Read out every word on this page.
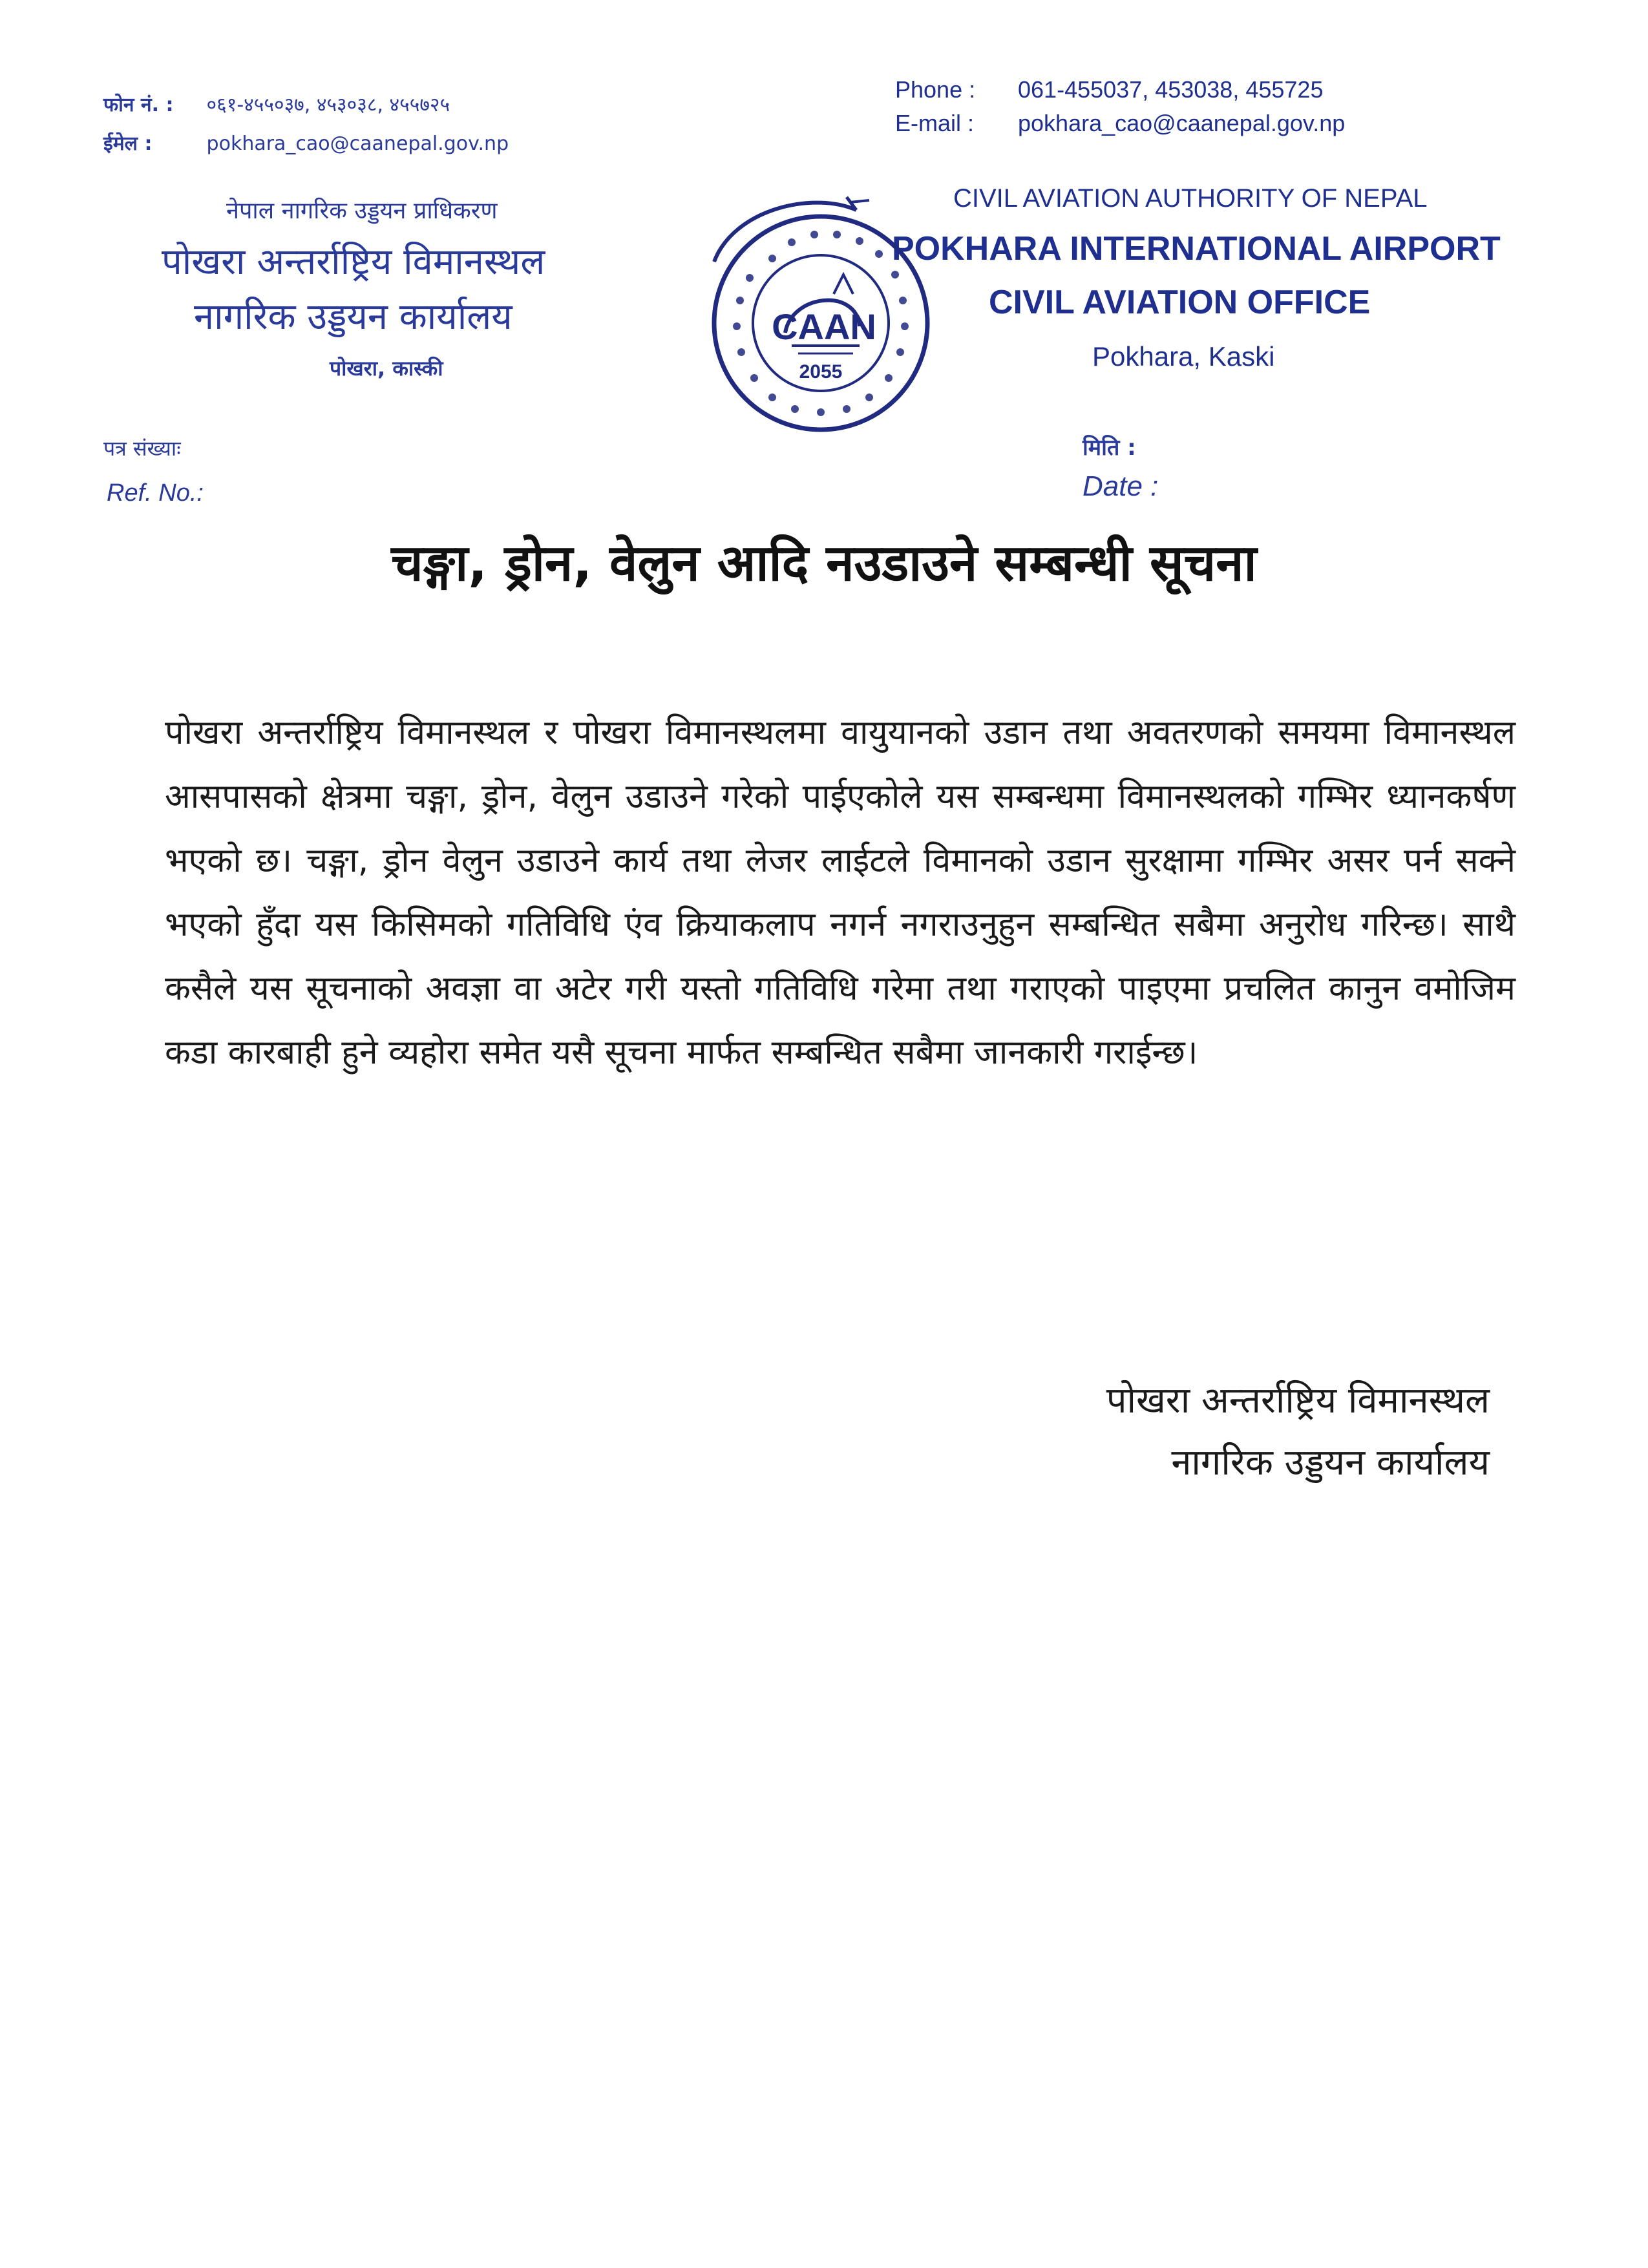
फोन नं. : ०६१-४५५०३७, ४५३०३८, ४५५७२५
ईमेल :	pokhara_cao@caanepal.gov.np
नेपाल नागरिक उड्डयन प्राधिकरण
पोखरा अन्तर्राष्ट्रिय विमानस्थल
नागरिक उड्डयन कार्यालय
पोखरा, कास्की
Phone : 061-455037, 453038, 455725
E-mail : pokhara_cao@caanepal.gov.np
CIVIL AVIATION AUTHORITY OF NEPAL
POKHARA INTERNATIONAL AIRPORT
CIVIL AVIATION OFFICE
Pokhara, Kaski
CAAN
2055
पत्र संख्याः
Ref. No.:
मिति :
Date :
चङ्गा, ड्रोन, वेलुन आदि नउडाउने सम्बन्धी सूचना
पोखरा अन्तर्राष्ट्रिय विमानस्थल र पोखरा विमानस्थलमा वायुयानको उडान तथा अवतरणको समयमा विमानस्थल आसपासको क्षेत्रमा चङ्गा, ड्रोन, वेलुन उडाउने गरेको पाईएकोले यस सम्बन्धमा विमानस्थलको गम्भिर ध्यानकर्षण भएको छ। चङ्गा, ड्रोन वेलुन उडाउने कार्य तथा लेजर लाईटले विमानको उडान सुरक्षामा गम्भिर असर पर्न सक्ने भएको हुँदा यस किसिमको गतिविधि एंव क्रियाकलाप नगर्न नगराउनुहुन सम्बन्धित सबैमा अनुरोध गरिन्छ। साथै कसैले यस सूचनाको अवज्ञा वा अटेर गरी यस्तो गतिविधि गरेमा तथा गराएको पाइएमा प्रचलित कानुन वमोजिम कडा कारबाही हुने व्यहोरा समेत यसै सूचना मार्फत सम्बन्धित सबैमा जानकारी गराईन्छ।
पोखरा अन्तर्राष्ट्रिय विमानस्थल
नागरिक उड्डयन कार्यालय
